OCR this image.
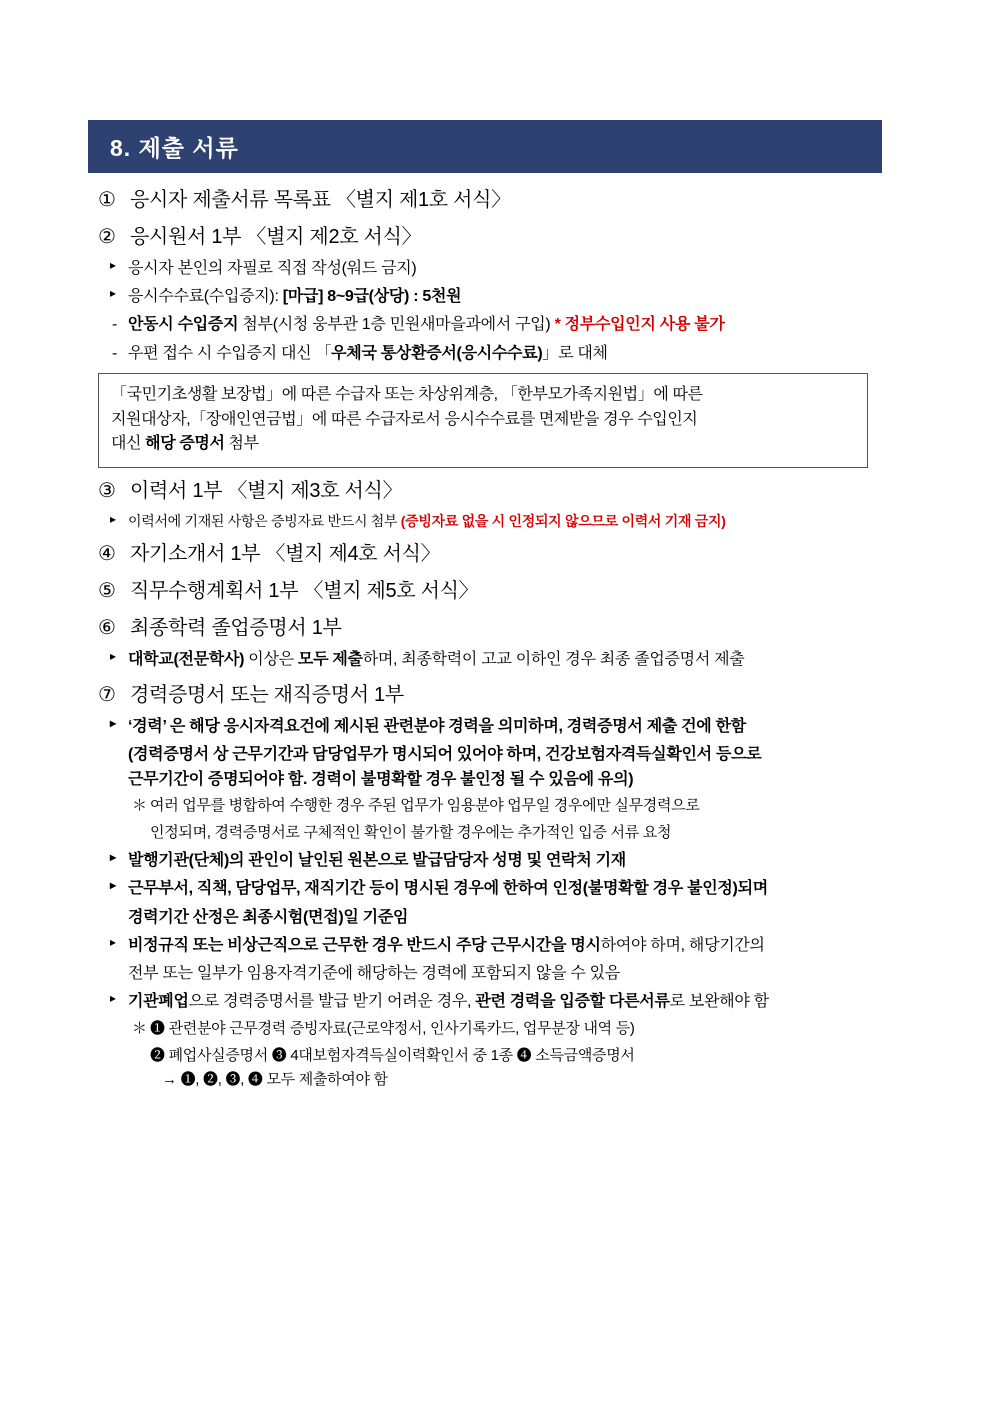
8. 제출 서류
① 응시자 제출서류 목록표 〈별지 제1호 서식〉
② 응시원서 1부 〈별지 제2호 서식〉
▸ 응시자 본인의 자필로 직접 작성(워드 금지)
▸ 응시수수료(수입증지): [마급] 8~9급(상당) : 5천원
- 안동시 수입증지 첨부(시청 웅부관 1층 민원새마을과에서 구입) * 정부수입인지 사용 불가
- 우편 접수 시 수입증지 대신 「우체국 통상환증서(응시수수료)」로 대체
「국민기초생활 보장법」에 따른 수급자 또는 차상위계층, 「한부모가족지원법」에 따른
지원대상자,「장애인연금법」에 따른 수급자로서 응시수수료를 면제받을 경우 수입인지
대신 해당 증명서 첨부
③ 이력서 1부 〈별지 제3호 서식〉
▸ 이력서에 기재된 사항은 증빙자료 반드시 첨부 (증빙자료 없을 시 인정되지 않으므로 이력서 기재 금지)
④ 자기소개서 1부 〈별지 제4호 서식〉
⑤ 직무수행계획서 1부 〈별지 제5호 서식〉
⑥ 최종학력 졸업증명서 1부
▸ 대학교(전문학사) 이상은 모두 제출하며, 최종학력이 고교 이하인 경우 최종 졸업증명서 제출
⑦ 경력증명서 또는 재직증명서 1부
▸ ‘경력’ 은 해당 응시자격요건에 제시된 관련분야 경력을 의미하며, 경력증명서 제출 건에 한함
(경력증명서 상 근무기간과 담당업무가 명시되어 있어야 하며, 건강보험자격득실확인서 등으로
근무기간이 증명되어야 함. 경력이 불명확할 경우 불인정 될 수 있음에 유의)
＊ 여러 업무를 병합하여 수행한 경우 주된 업무가 임용분야 업무일 경우에만 실무경력으로
인정되며, 경력증명서로 구체적인 확인이 불가할 경우에는 추가적인 입증 서류 요청
▸ 발행기관(단체)의 관인이 날인된 원본으로 발급담당자 성명 및 연락처 기재
▸ 근무부서, 직책, 담당업무, 재직기간 등이 명시된 경우에 한하여 인정(불명확할 경우 불인정)되며
경력기간 산정은 최종시험(면접)일 기준임
▸ 비정규직 또는 비상근직으로 근무한 경우 반드시 주당 근무시간을 명시하여야 하며, 해당기간의
전부 또는 일부가 임용자격기준에 해당하는 경력에 포함되지 않을 수 있음
▸ 기관폐업으로 경력증명서를 발급 받기 어려운 경우, 관련 경력을 입증할 다른서류로 보완해야 함
＊ ❶ 관련분야 근무경력 증빙자료(근로약정서, 인사기록카드, 업무분장 내역 등)
❷ 폐업사실증명서 ❸ 4대보험자격득실이력확인서 중 1종 ❹ 소득금액증명서
→ ❶, ❷, ❸, ❹ 모두 제출하여야 함
